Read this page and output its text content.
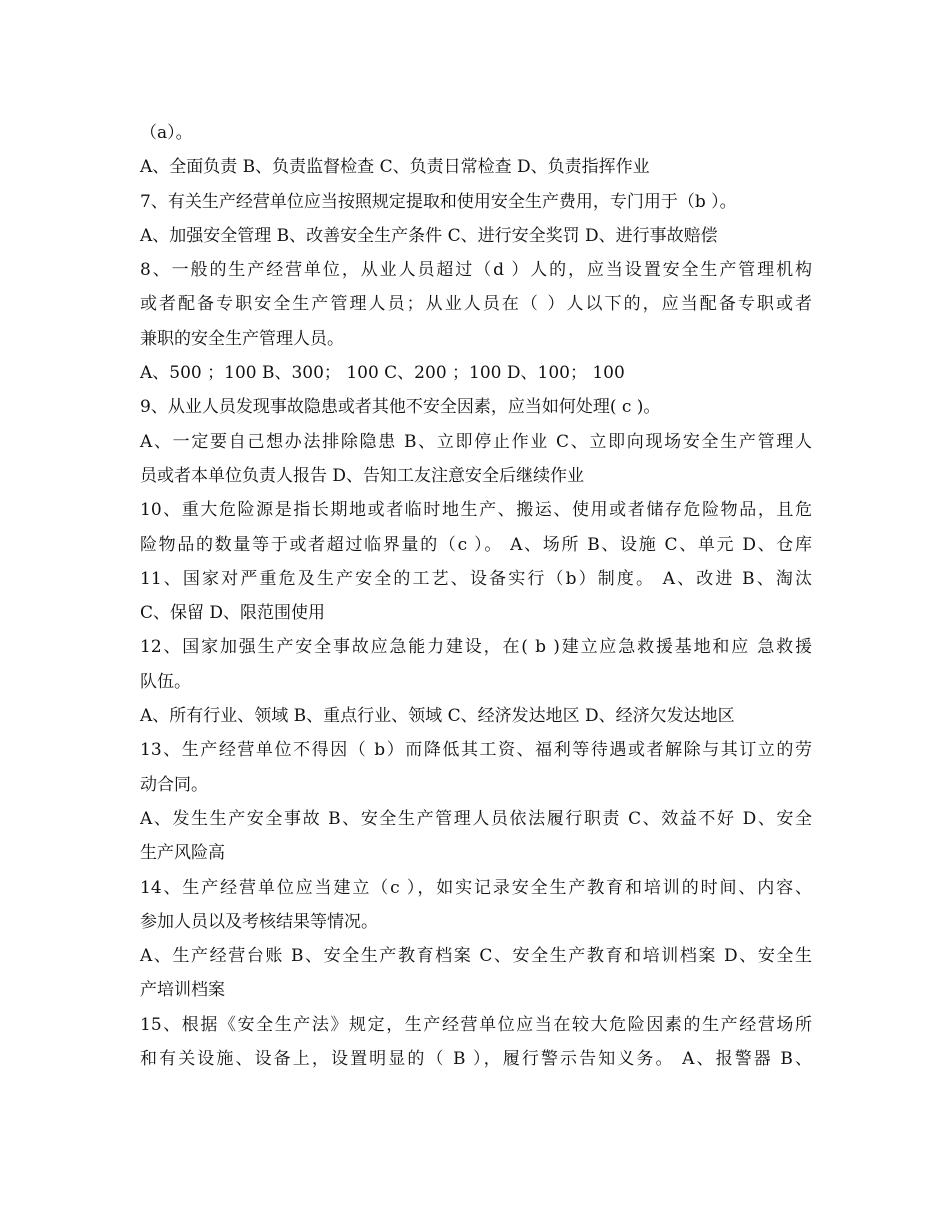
（a）。
A、全面负责 B、负责监督检查 C、负责日常检查 D、负责指挥作业
7、有关生产经营单位应当按照规定提取和使用安全生产费用，专门用于（b ）。
A、加强安全管理 B、改善安全生产条件 C、进行安全奖罚 D、进行事故赔偿
8、一般的生产经营单位，从业人员超过（d ）人的，应当设置安全生产管理机构
或者配备专职安全生产管理人员；从业人员在（ ）人以下的，应当配备专职或者
兼职的安全生产管理人员。
A、500 ；100 B、300； 100 C、200 ；100 D、100； 100
9、从业人员发现事故隐患或者其他不安全因素，应当如何处理( c )。
A、一定要自己想办法排除隐患 B、立即停止作业 C、立即向现场安全生产管理人
员或者本单位负责人报告 D、告知工友注意安全后继续作业
10、重大危险源是指长期地或者临时地生产、搬运、使用或者储存危险物品，且危
险物品的数量等于或者超过临界量的（c ）。 A、场所 B、设施 C、单元 D、仓库
11、国家对严重危及生产安全的工艺、设备实行（b）制度。 A、改进 B、淘汰
C、保留 D、限范围使用
12、国家加强生产安全事故应急能力建设，在( b )建立应急救援基地和应 急救援
队伍。
A、所有行业、领域 B、重点行业、领域 C、经济发达地区 D、经济欠发达地区
13、生产经营单位不得因（ b）而降低其工资、福利等待遇或者解除与其订立的劳
动合同。
A、发生生产安全事故 B、安全生产管理人员依法履行职责 C、效益不好 D、安全
生产风险高
14、生产经营单位应当建立（c ），如实记录安全生产教育和培训的时间、内容、
参加人员以及考核结果等情况。
A、生产经营台账 B、安全生产教育档案 C、安全生产教育和培训档案 D、安全生
产培训档案
15、根据《安全生产法》规定，生产经营单位应当在较大危险因素的生产经营场所
和有关设施、设备上，设置明显的（ B ），履行警示告知义务。 A、报警器 B、
